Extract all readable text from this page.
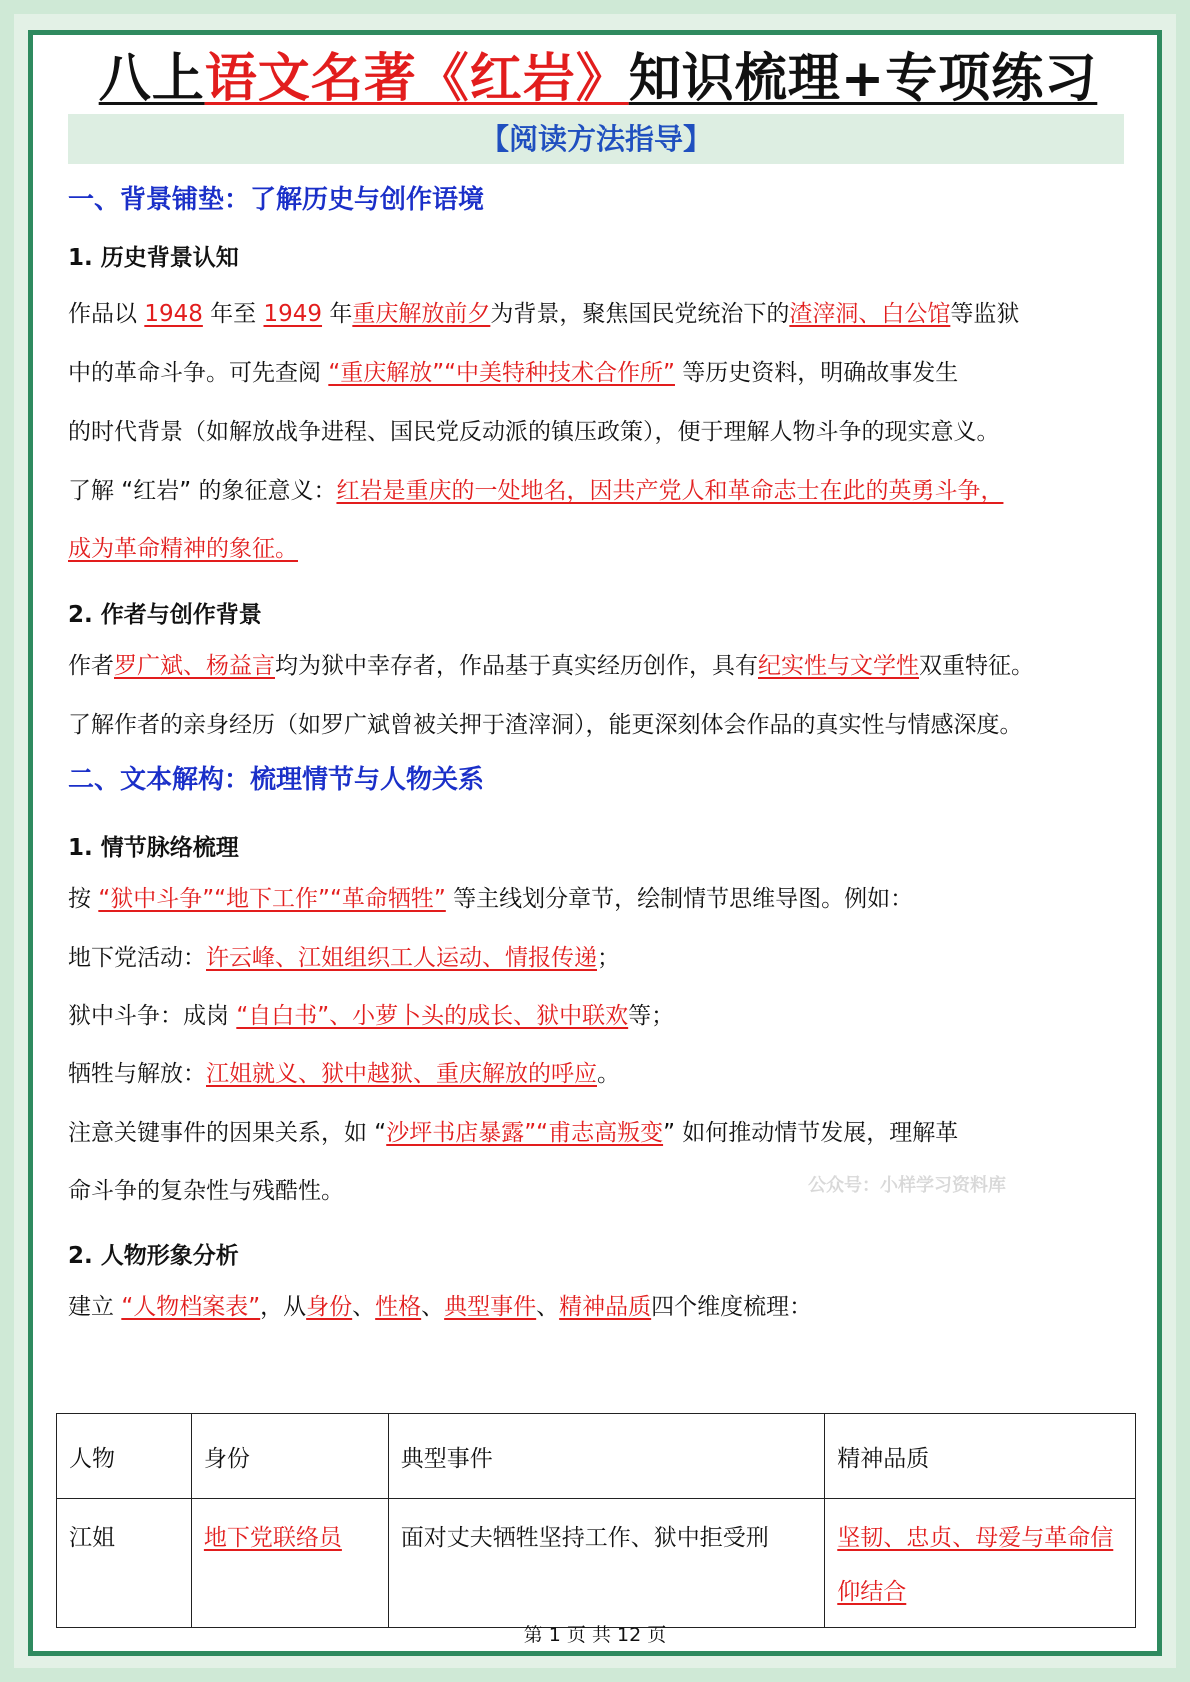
八上语文名著《红岩》知识梳理+专项练习
【阅读方法指导】
一、背景铺垫：了解历史与创作语境
1. 历史背景认知
作品以 1948 年至 1949 年重庆解放前夕为背景，聚焦国民党统治下的渣滓洞、白公馆等监狱
中的革命斗争。可先查阅 “重庆解放”“中美特种技术合作所” 等历史资料，明确故事发生
的时代背景（如解放战争进程、国民党反动派的镇压政策），便于理解人物斗争的现实意义。
了解 “红岩” 的象征意义：红岩是重庆的一处地名，因共产党人和革命志士在此的英勇斗争，
成为革命精神的象征。
2. 作者与创作背景
作者罗广斌、杨益言均为狱中幸存者，作品基于真实经历创作，具有纪实性与文学性双重特征。
了解作者的亲身经历（如罗广斌曾被关押于渣滓洞），能更深刻体会作品的真实性与情感深度。
二、文本解构：梳理情节与人物关系
1. 情节脉络梳理
按 “狱中斗争”“地下工作”“革命牺牲” 等主线划分章节，绘制情节思维导图。例如：
地下党活动：许云峰、江姐组织工人运动、情报传递；
狱中斗争：成岗 “自白书”、小萝卜头的成长、狱中联欢等；
牺牲与解放：江姐就义、狱中越狱、重庆解放的呼应。
注意关键事件的因果关系，如 “沙坪书店暴露”“甫志高叛变” 如何推动情节发展，理解革
命斗争的复杂性与残酷性。	公众号：小样学习资料库
2. 人物形象分析
建立 “人物档案表”，从身份、性格、典型事件、精神品质四个维度梳理：
人物	身份	典型事件	精神品质
江姐	地下党联络员	面对丈夫牺牲坚持工作、狱中拒受刑	坚韧、忠贞、母爱与革命信仰结合
第 1 页 共 12 页
